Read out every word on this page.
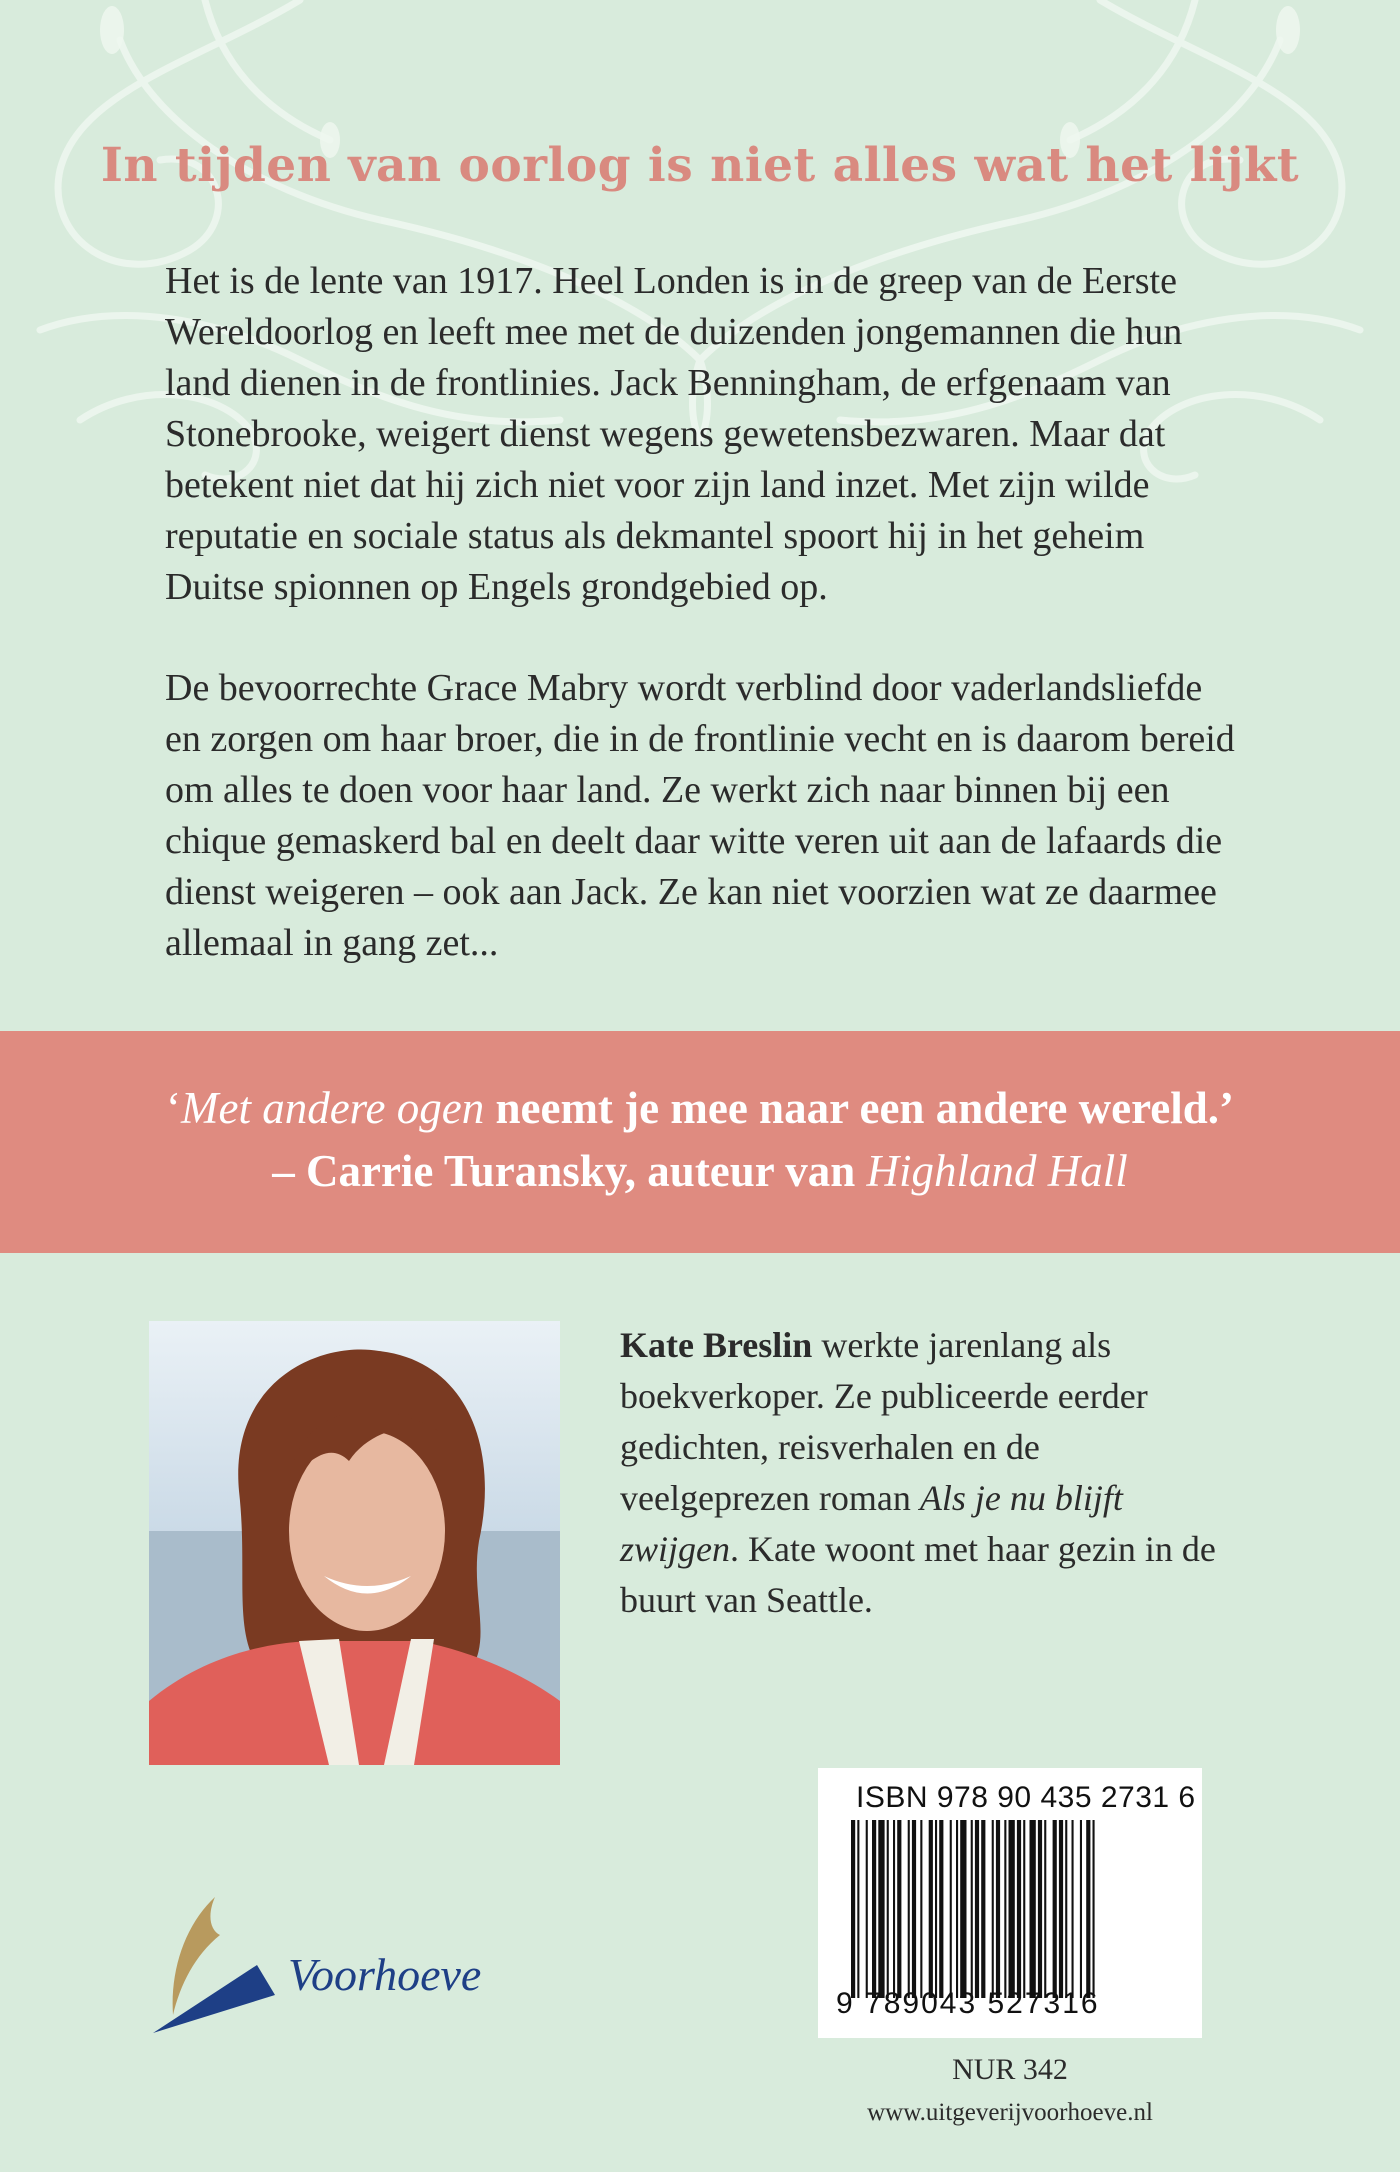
In tijden van oorlog is niet alles wat het lijkt

Het is de lente van 1917. Heel Londen is in de greep van de Eerste Wereldoorlog en leeft mee met de duizenden jongemannen die hun land dienen in de frontlinies. Jack Benningham, de erfgenaam van Stonebrooke, weigert dienst wegens gewetensbezwaren. Maar dat betekent niet dat hij zich niet voor zijn land inzet. Met zijn wilde reputatie en sociale status als dekmantel spoort hij in het geheim Duitse spionnen op Engels grondgebied op.

De bevoorrechte Grace Mabry wordt verblind door vaderlandsliefde en zorgen om haar broer, die in de frontlinie vecht en is daarom bereid om alles te doen voor haar land. Ze werkt zich naar binnen bij een chique gemaskerd bal en deelt daar witte veren uit aan de lafaards die dienst weigeren – ook aan Jack. Ze kan niet voorzien wat ze daarmee allemaal in gang zet...

‘Met andere ogen neemt je mee naar een andere wereld.’
– Carrie Turansky, auteur van Highland Hall
Kate Breslin werkte jarenlang als boekverkoper. Ze publiceerde eerder gedichten, reisverhalen en de veelgeprezen roman Als je nu blijft zwijgen. Kate woont met haar gezin in de buurt van Seattle.
ISBN 978 90 435 2731 6
9 789043 527316
NUR 342
www.uitgeverijvoorhoeve.nl
Voorhoeve
